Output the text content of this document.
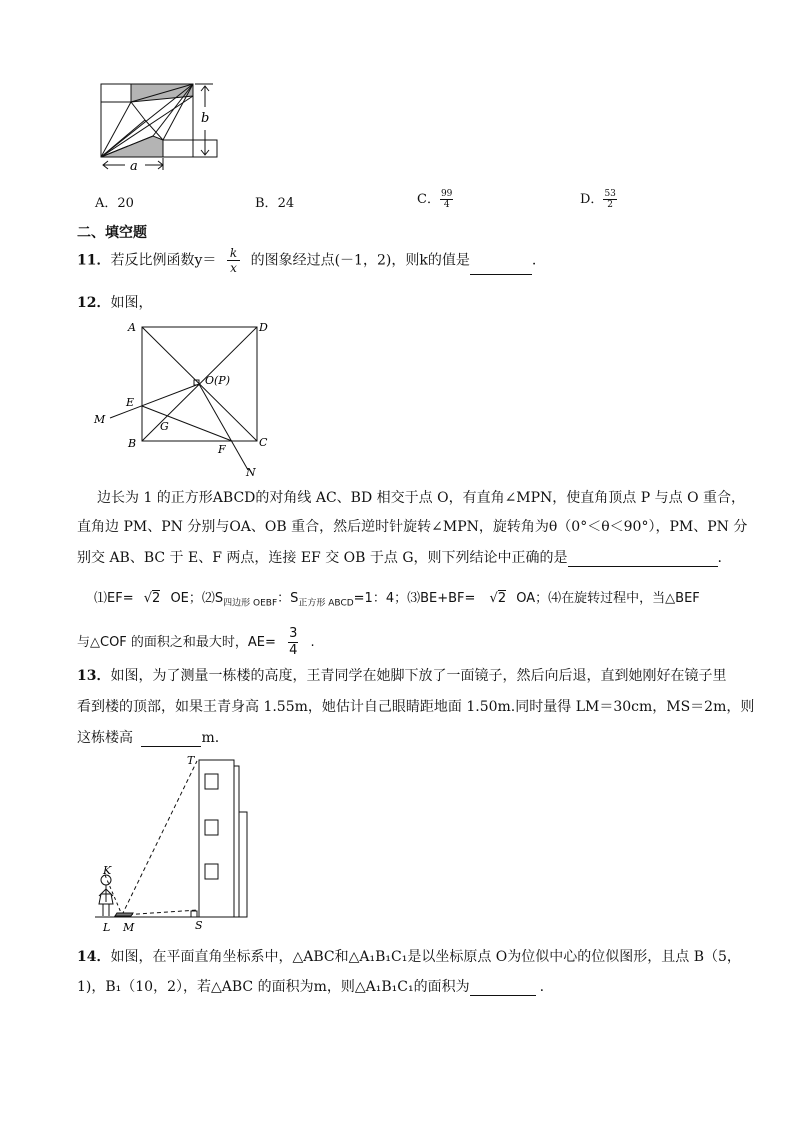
b
a
A．20	B．24	C． $\frac{99}{4}$	D． $\frac{53}{2}$
二、填空题
11．若反比例函数$y= \frac{k}{x}$ 的图象经过点(－1，2)，则k的值是	.
12．如图，
A	D
O(P)
E
M
G
B	F
C
N
边长为 1 的正方形ABCD的对角线 AC、BD 相交于点 O，有直角∠MPN，使直角顶点 P 与点 O 重合，
直角边 PM、PN 分别与OA、OB 重合，然后逆时针旋转∠MPN，旋转角为θ（0°＜θ＜90°），PM、PN 分
别交 AB、BC 于 E、F 两点，连接 EF 交 OB 于点 G，则下列结论中正确的是	.
⑴EF= √2 OE；$⑵S_{四边形 OEBF}$：$S_{正方形 ABCD}=1$：4；⑶BE+BF= √2 OA；⑷在旋转过程中，当△BEF
与△COF 的面积之和最大时，$AE= \frac{3}{4}$ .
13．如图，为了测量一栋楼的高度，王青同学在她脚下放了一面镜子，然后向后退，直到她刚好在镜子里
看到楼的顶部，如果王青身高 1.55m，她估计自己眼睛距地面 1.50m.同时量得 LM＝30cm，MS＝2m，则
这栋楼高	m.
T
K
L M	S
14．如图，在平面直角坐标系中，△ABC和△A₁B₁C₁是以坐标原点 O为位似中心的位似图形，且点 B（5，
1)，B₁（10，2），若△ABC 的面积为m，则△A₁B₁C₁的面积为	.
